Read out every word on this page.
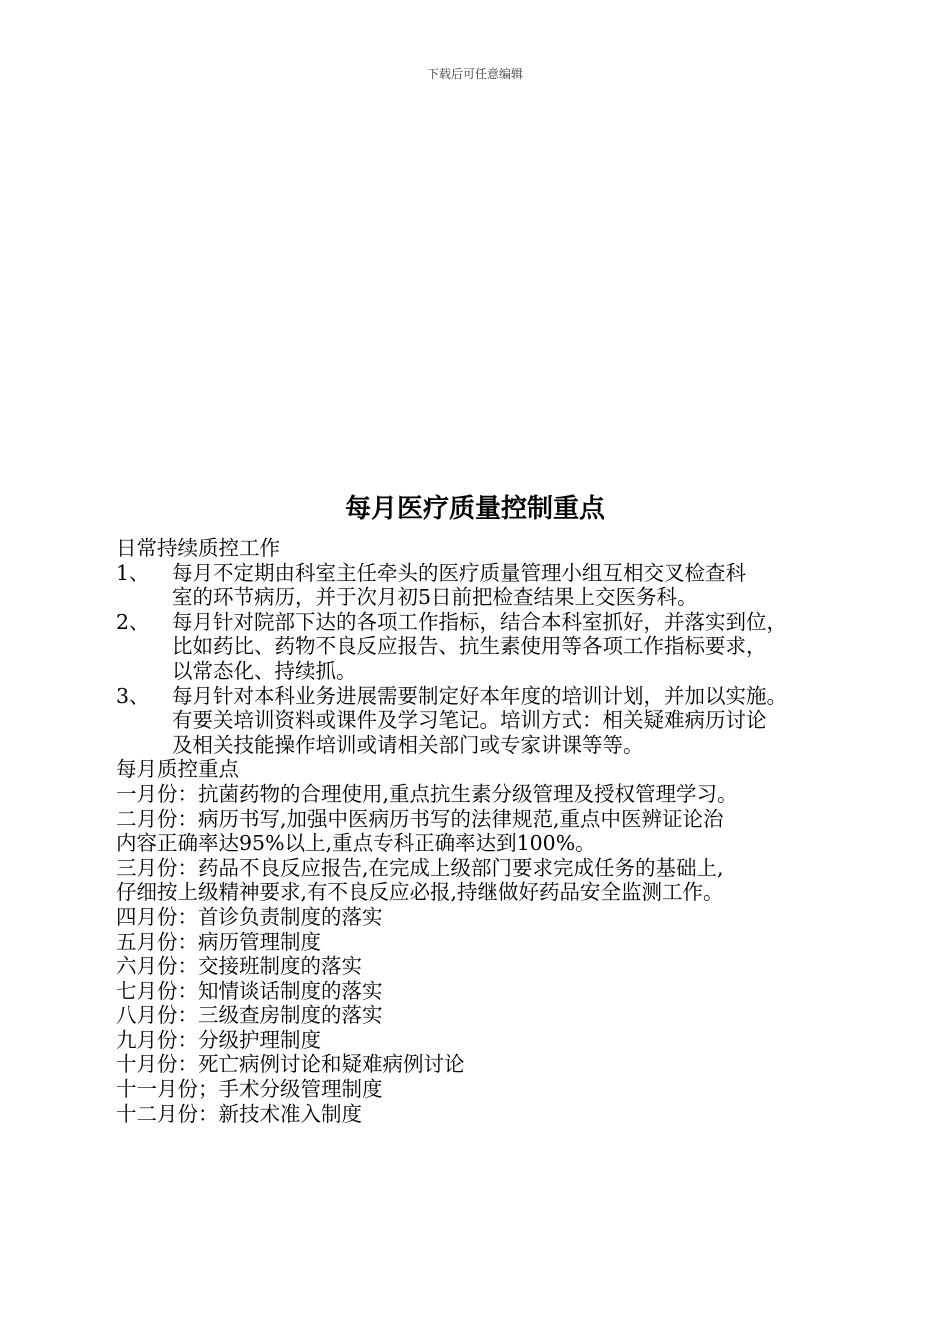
下载后可任意编辑
每月医疗质量控制重点

日常持续质控工作

1、	每月不定期由科室主任牵头的医疗质量管理小组互相交叉检查科

室的环节病历，并于次月初5日前把检查结果上交医务科。

2、	每月针对院部下达的各项工作指标，结合本科室抓好，并落实到位，

比如药比、药物不良反应报告、抗生素使用等各项工作指标要求，

以常态化、持续抓。

3、	每月针对本科业务进展需要制定好本年度的培训计划，并加以实施。

有要关培训资料或课件及学习笔记。培训方式：相关疑难病历讨论

及相关技能操作培训或请相关部门或专家讲课等等。

每月质控重点

一月份：抗菌药物的合理使用,重点抗生素分级管理及授权管理学习。

二月份：病历书写,加强中医病历书写的法律规范,重点中医辨证论治

内容正确率达95%以上,重点专科正确率达到100%。

三月份：药品不良反应报告,在完成上级部门要求完成任务的基础上,

仔细按上级精神要求,有不良反应必报,持继做好药品安全监测工作。

四月份：首诊负责制度的落实

五月份：病历管理制度

六月份：交接班制度的落实

七月份：知情谈话制度的落实

八月份：三级查房制度的落实

九月份：分级护理制度

十月份：死亡病例讨论和疑难病例讨论

十一月份；手术分级管理制度

十二月份：新技术准入制度
